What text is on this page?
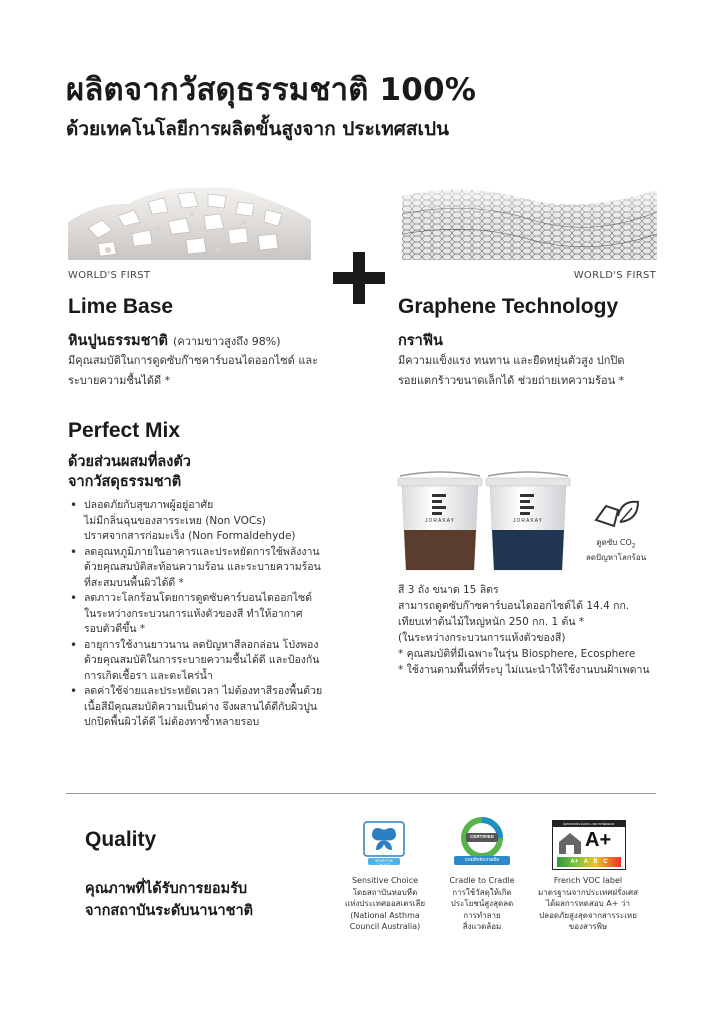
ผลิตจากวัสดุธรรมชาติ 100%
ด้วยเทคโนโลยีการผลิตขั้นสูงจาก ประเทศสเปน
WORLD'S FIRST
Lime Base
หินปูนธรรมชาติ (ความขาวสูงถึง 98%)
มีคุณสมบัติในการดูดซับก๊าซคาร์บอนไดออกไซด์ และ
ระบายความชื้นได้ดี *
WORLD'S FIRST
Graphene Technology
กราฟีน
มีความแข็งแรง ทนทาน และยืดหยุ่นตัวสูง ปกปิด
รอยแตกร้าวขนาดเล็กได้ ช่วยถ่ายเทความร้อน *
Perfect Mix
ด้วยส่วนผสมที่ลงตัว
จากวัสดุธรรมชาติ
• ปลอดภัยกับสุขภาพผู้อยู่อาศัย
ไม่มีกลิ่นฉุนของสารระเหย (Non VOCs)
ปราศจากสารก่อมะเร็ง (Non Formaldehyde)
• ลดอุณหภูมิภายในอาคารและประหยัดการใช้พลังงาน
ด้วยคุณสมบัติสะท้อนความร้อน และระบายความร้อน
ที่สะสมบนพื้นผิวได้ดี *
• ลดภาวะโลกร้อนโดยการดูดซับคาร์บอนไดออกไซด์
ในระหว่างกระบวนการแห้งตัวของสี ทำให้อากาศ
รอบตัวดีขึ้น *
• อายุการใช้งานยาวนาน ลดปัญหาสีลอกล่อน โป่งพอง
ด้วยคุณสมบัติในการระบายความชื้นได้ดี และป้องกัน
การเกิดเชื้อรา และตะไคร่น้ำ
• ลดค่าใช้จ่ายและประหยัดเวลา ไม่ต้องทาสีรองพื้นด้วย
เนื้อสีมีคุณสมบัติความเป็นด่าง จึงผสานได้ดีกับผิวปูน
ปกปิดพื้นผิวได้ดี ไม่ต้องทาซ้ำหลายรอบ
JORAKAY	JORAKAY
ดูดซับ $CO_2$
ลดปัญหาโลกร้อน
สี 3 ถัง ขนาด 15 ลิตร
สามารถดูดซับก๊าซคาร์บอนไดออกไซด์ได้ 14.4 กก.
เทียบเท่าต้นไม้ใหญ่หนัก 250 กก. 1 ต้น *
(ในระหว่างกระบวนการแห้งตัวของสี)
* คุณสมบัติที่มีเฉพาะในรุ่น Biosphere, Ecosphere
* ใช้งานตามพื้นที่ที่ระบุ ไม่แนะนำให้ใช้งานบนฝ้าเพดาน
Quality
คุณภาพที่ได้รับการยอมรับ
จากสถาบันระดับนานาชาติ
SENSITIVE CHOICE
Sensitive Choice
โดยสถาบันหอบหืด
แห่งประเทศออสเตรเลีย
(National Asthma
Council Australia)
CERTIFIED
cradletocradle
Cradle to Cradle
การใช้วัสดุให้เกิด
ประโยชน์สูงสุดลด
การทำลาย
สิ่งแวดล้อม
ÉMISSIONS DANS L'AIR INTÉRIEUR
A+
A+ A B C
French VOC label
มาตรฐานจากประเทศฝรั่งเศส
ได้ผลการทดสอบ A+ ว่า
ปลอดภัยสูงสุดจากสารระเหย
ของสารพิษ
